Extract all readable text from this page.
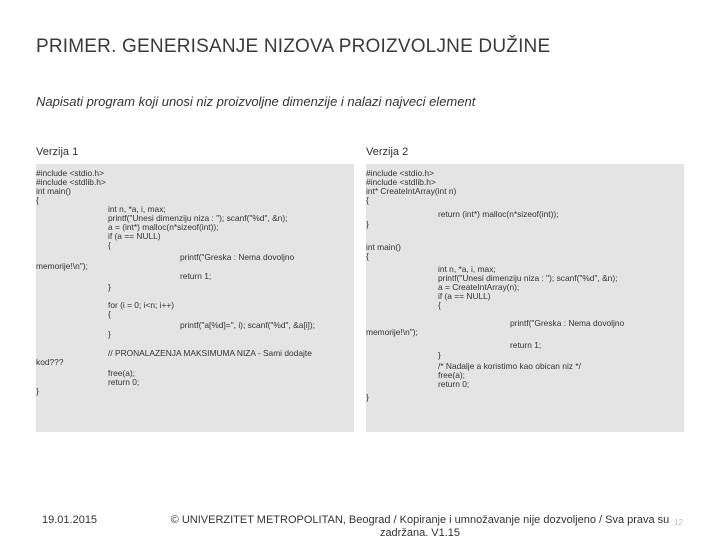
PRIMER. GENERISANJE NIZOVA PROIZVOLJNE DUŽINE
Napisati program koji unosi niz proizvoljne dimenzije i nalazi najveci element
Verzija 1	Verzija 2
#include <stdio.h>
#include <stdlib.h>
int main()
{
int n, *a, i, max;
printf("Unesi dimenziju niza : "); scanf("%d", &n);
a = (int*) malloc(n*sizeof(int));
if (a == NULL)
{
printf("Greska : Nema dovoljno
memorije!\n");
return 1;
}
for (i = 0; i<n; i++)
{
printf("a[%d]=", i); scanf("%d", &a[i]);
}
// PRONALAZENJA MAKSIMUMA NIZA - Sami dodajte
kod???
free(a);
return 0;
}
#include <stdio.h>
#include <stdlib.h>
int* CreateIntArray(int n)
{
return (int*) malloc(n*sizeof(int));
}
int main()
{
int n, *a, i, max;
printf("Unesi dimenziju niza : "); scanf("%d", &n);
a = CreateIntArray(n);
if (a == NULL)
{
printf("Greska : Nema dovoljno
memorije!\n");
return 1;
}
/* Nadalje a koristimo kao obican niz */
free(a);
return 0;
}
19.01.2015	© UNIVERZITET METROPOLITAN, Beograd / Kopiranje i umnožavanje nije dozvoljeno / Sva prava su zadržana. V1.15
12
